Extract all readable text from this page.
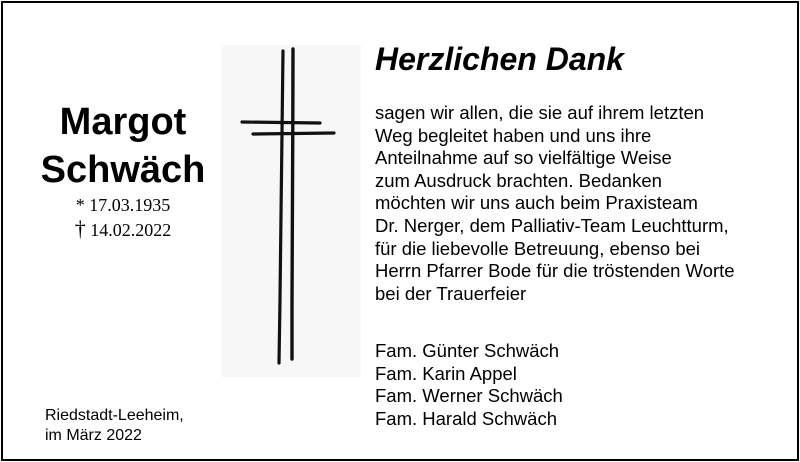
Margot
Schwäch
* 17.03.1935
† 14.02.2022
Herzlichen Dank
sagen wir allen, die sie auf ihrem letzten
Weg begleitet haben und uns ihre
Anteilnahme auf so vielfältige Weise
zum Ausdruck brachten. Bedanken
möchten wir uns auch beim Praxisteam
Dr. Nerger, dem Palliativ-Team Leuchtturm,
für die liebevolle Betreuung, ebenso bei
Herrn Pfarrer Bode für die tröstenden Worte
bei der Trauerfeier
Fam. Günter Schwäch
Fam. Karin Appel
Fam. Werner Schwäch
Fam. Harald Schwäch
Riedstadt-Leeheim,
im März 2022
